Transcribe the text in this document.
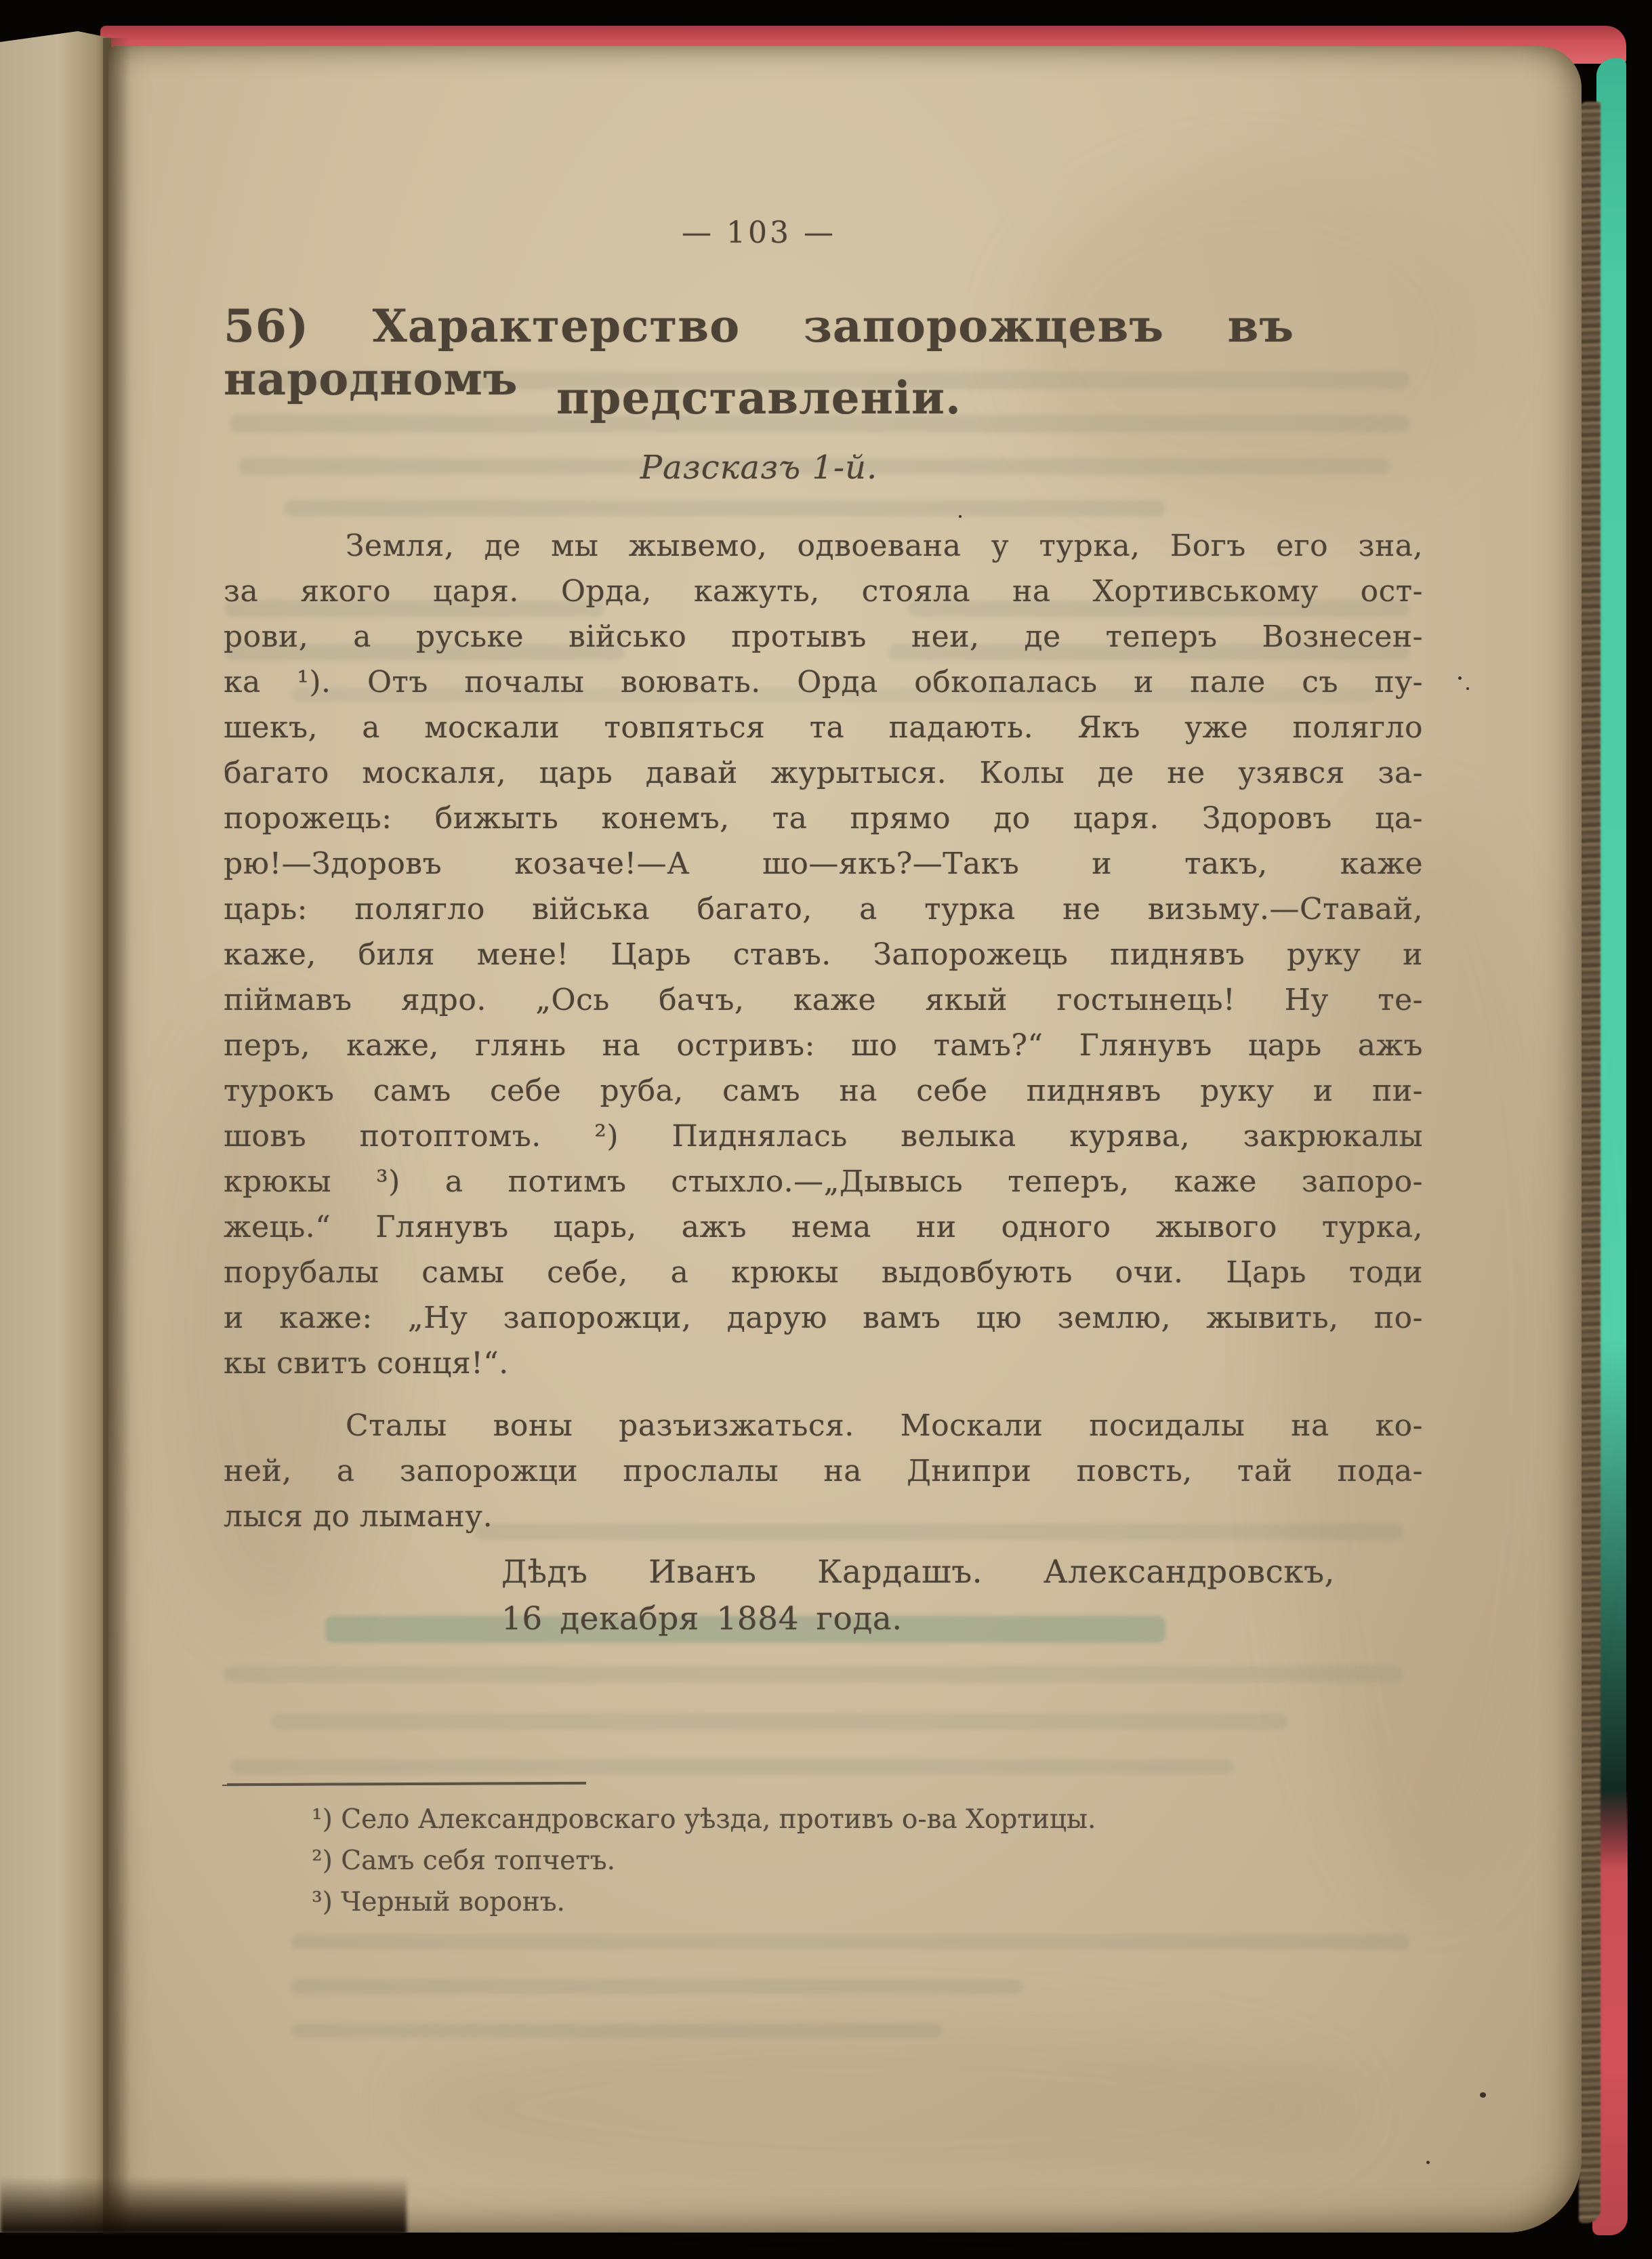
— 103 —
56) Характерство запорожцевъ въ народномъ представленіи.
Разсказъ 1-й.
Земля, де мы жывемо, одвоевана у турка, Богъ его зна,
за якого царя. Орда, кажуть, стояла на Хортивському ост-
рови, а руське військо протывъ неи, де теперъ Вознесен-
ка ¹). Отъ почалы воювать. Орда обкопалась и пале съ пу-
шекъ, а москали товпяться та падають. Якъ уже полягло
багато москаля, царь давай журытыся. Колы де не узявся за-
порожець: бижыть конемъ, та прямо до царя. Здоровъ ца-
рю!—Здоровъ козаче!—А шо—якъ?—Такъ и такъ, каже
царь: полягло війська багато, а турка не визьму.—Ставай,
каже, биля мене! Царь ставъ. Запорожець пиднявъ руку и
піймавъ ядро. „Ось бачъ, каже якый гостынець! Ну те-
перъ, каже, глянь на остривъ: шо тамъ?“ Глянувъ царь ажъ
турокъ самъ себе руба, самъ на себе пиднявъ руку и пи-
шовъ потоптомъ. ²) Пиднялась велыка курява, закрюкалы
крюкы ³) а потимъ стыхло.—„Дывысь теперъ, каже запоро-
жець.“ Глянувъ царь, ажъ нема ни одного жывого турка,
порубалы самы себе, а крюкы выдовбують очи. Царь тоди
и каже: „Ну запорожци, дарую вамъ цю землю, жывить, по-
кы свитъ сонця!“.
Сталы воны разъизжаться. Москали посидалы на ко-
ней, а запорожци прослалы на Днипри повсть, тай пода-
лыся до лыману.
Дѣдъ Иванъ Кардашъ. Александровскъ,
16 декабря 1884 года.
¹) Село Александровскаго уѣзда, противъ о-ва Хортицы.
²) Самъ себя топчетъ.
³) Черный воронъ.
